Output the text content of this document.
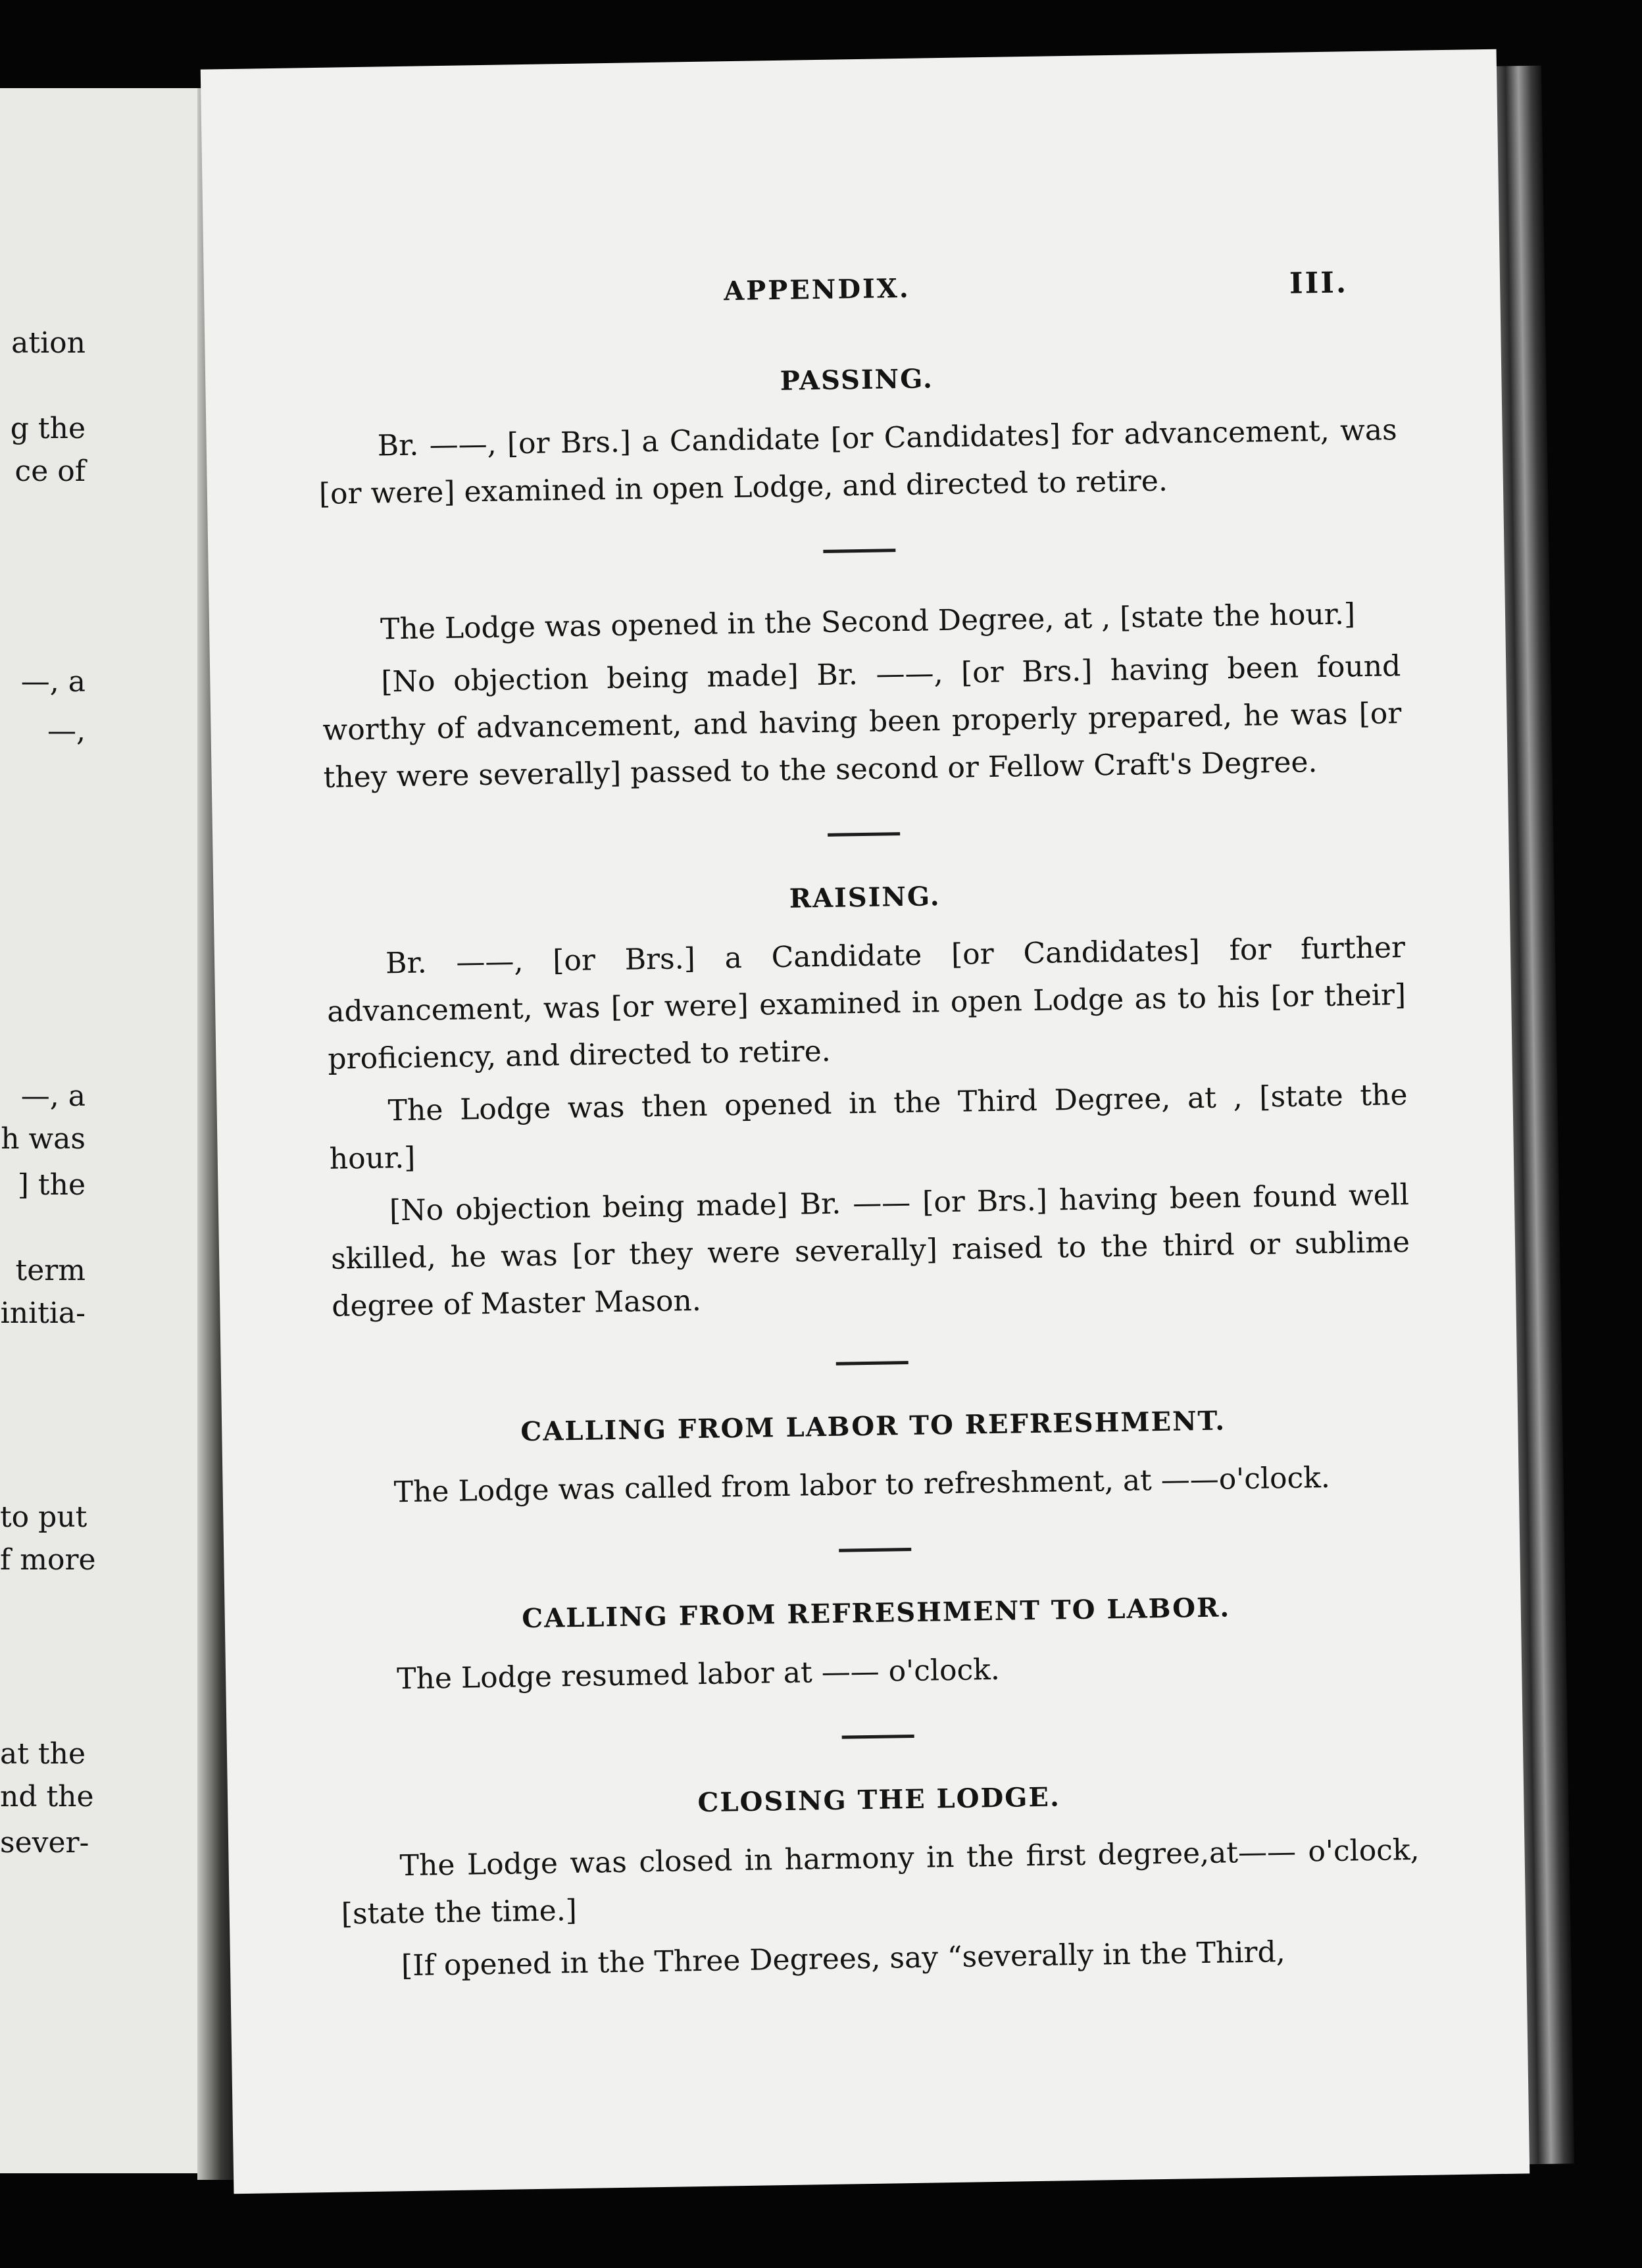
ation
g the
ce of
—, a
—,
—, a
h was
] the
term
initia-
to put
f more
at the
nd the
sever-
APPENDIX.	III.
PASSING.

Br. ——, [or Brs.] a Candidate [or Candidates] for advancement, was [or were] examined in open Lodge, and directed to retire.

The Lodge was opened in the Second Degree, at , [state the hour.]

[No objection being made] Br. ——, [or Brs.] having been found worthy of advancement, and having been properly prepared, he was [or they were severally] passed to the second or Fellow Craft's Degree.

RAISING.

Br. ——, [or Brs.] a Candidate [or Candidates] for further advancement, was [or were] examined in open Lodge as to his [or their] proficiency, and directed to retire.

The Lodge was then opened in the Third Degree, at , [state the hour.]

[No objection being made] Br. —— [or Brs.] having been found well skilled, he was [or they were severally] raised to the third or sublime degree of Master Mason.

CALLING FROM LABOR TO REFRESHMENT.

The Lodge was called from labor to refreshment, at ——o'clock.

CALLING FROM REFRESHMENT TO LABOR.

The Lodge resumed labor at —— o'clock.

CLOSING THE LODGE.

The Lodge was closed in harmony in the first degree,at—— o'clock, [state the time.]

[If opened in the Three Degrees, say “severally in the Third,
